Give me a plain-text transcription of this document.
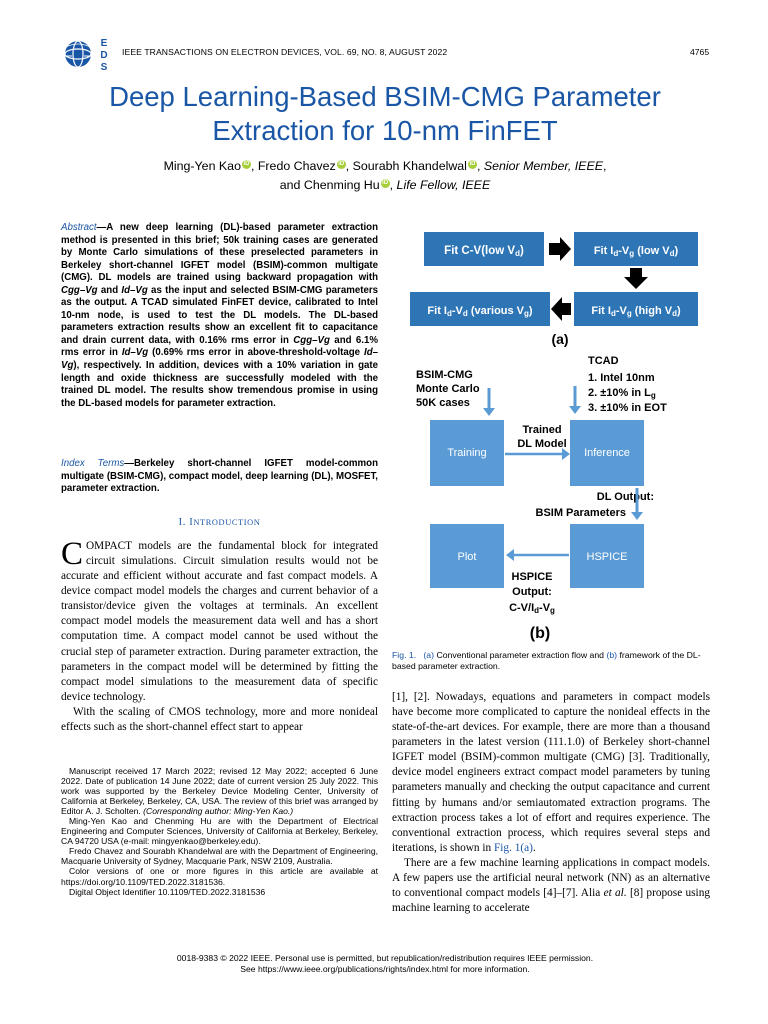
E
D
S
IEEE TRANSACTIONS ON ELECTRON DEVICES, VOL. 69, NO. 8, AUGUST 2022	4765
Deep Learning-Based BSIM-CMG Parameter
Extraction for 10-nm FinFET
Ming-Yen Kao iD , Fredo Chavez iD , Sourabh Khandelwal iD , Senior Member, IEEE,
and Chenming Hu iD , Life Fellow, IEEE
Abstract—A new deep learning (DL)-based parameter extraction method is presented in this brief; 50k training cases are generated by Monte Carlo simulations of these preselected parameters in Berkeley short-channel IGFET model (BSIM)-common multigate (CMG). DL models are trained using backward propagation with Cgg–Vg and Id–Vg as the input and selected BSIM-CMG parameters as the output. A TCAD simulated FinFET device, calibrated to Intel 10-nm node, is used to test the DL models. The DL-based parameters extraction results show an excellent fit to capacitance and drain current data, with 0.16% rms error in Cgg–Vg and 6.1% rms error in Id–Vg (0.69% rms error in above-threshold-voltage Id–Vg), respectively. In addition, devices with a 10% variation in gate length and oxide thickness are successfully modeled with the trained DL model. The results show tremendous promise in using the DL-based models for parameter extraction.
Index Terms—Berkeley short-channel IGFET model-common multigate (BSIM-CMG), compact model, deep learning (DL), MOSFET, parameter extraction.
I. INTRODUCTION

COMPACT models are the fundamental block for integrated circuit simulations. Circuit simulation results would not be accurate and efficient without accurate and fast compact models. A device compact model models the charges and current behavior of a transistor/device given the voltages at terminals. An excellent compact model models the measurement data well and has a short computation time. A compact model cannot be used without the crucial step of parameter extraction. During parameter extraction, the parameters in the compact model will be determined by fitting the compact model simulations to the measurement data of specific device technology.

With the scaling of CMOS technology, more and more nonideal effects such as the short-channel effect start to appear

Manuscript received 17 March 2022; revised 12 May 2022; accepted 6 June 2022. Date of publication 14 June 2022; date of current version 25 July 2022. This work was supported by the Berkeley Device Modeling Center, University of California at Berkeley, Berkeley, CA, USA. The review of this brief was arranged by Editor A. J. Scholten. (Corresponding author: Ming-Yen Kao.)

Ming-Yen Kao and Chenming Hu are with the Department of Electrical Engineering and Computer Sciences, University of California at Berkeley, Berkeley, CA 94720 USA (e-mail: mingyenkao@berkeley.edu).

Fredo Chavez and Sourabh Khandelwal are with the Department of Engineering, Macquarie University of Sydney, Macquarie Park, NSW 2109, Australia.

Color versions of one or more figures in this article are available at https://doi.org/10.1109/TED.2022.3181536.

Digital Object Identifier 10.1109/TED.2022.3181536

Fit C-V(low Vd)	Fit Id-Vg (low Vd)
Fit Id-Vg (high Vd)
Fit Id-Vd (various Vg)
(a)
BSIM-CMG
Monte Carlo
50K cases
TCAD
1. Intel 10nm
2. ±10% in Lg
3. ±10% in EOT
Training
Trained
DL Model
Inference
DL Output:
BSIM Parameters
Plot	HSPICE
HSPICE
Output:
C-V/Id-Vg
(b)
Fig. 1. (a) Conventional parameter extraction flow and (b) framework of the DL-based parameter extraction.

[1], [2]. Nowadays, equations and parameters in compact models have become more complicated to capture the nonideal effects in the state-of-the-art devices. For example, there are more than a thousand parameters in the latest version (111.1.0) of Berkeley short-channel IGFET model (BSIM)-common multigate (CMG) [3]. Traditionally, device model engineers extract compact model parameters by tuning parameters manually and checking the output capacitance and current fitting by humans and/or semiautomated extraction programs. The extraction process takes a lot of effort and requires experience. The conventional extraction process, which requires several steps and iterations, is shown in Fig. 1(a).

There are a few machine learning applications in compact models. A few papers use the artificial neural network (NN) as an alternative to conventional compact models [4]–[7]. Alia et al. [8] propose using machine learning to accelerate

0018-9383 © 2022 IEEE. Personal use is permitted, but republication/redistribution requires IEEE permission.
See https://www.ieee.org/publications/rights/index.html for more information.
